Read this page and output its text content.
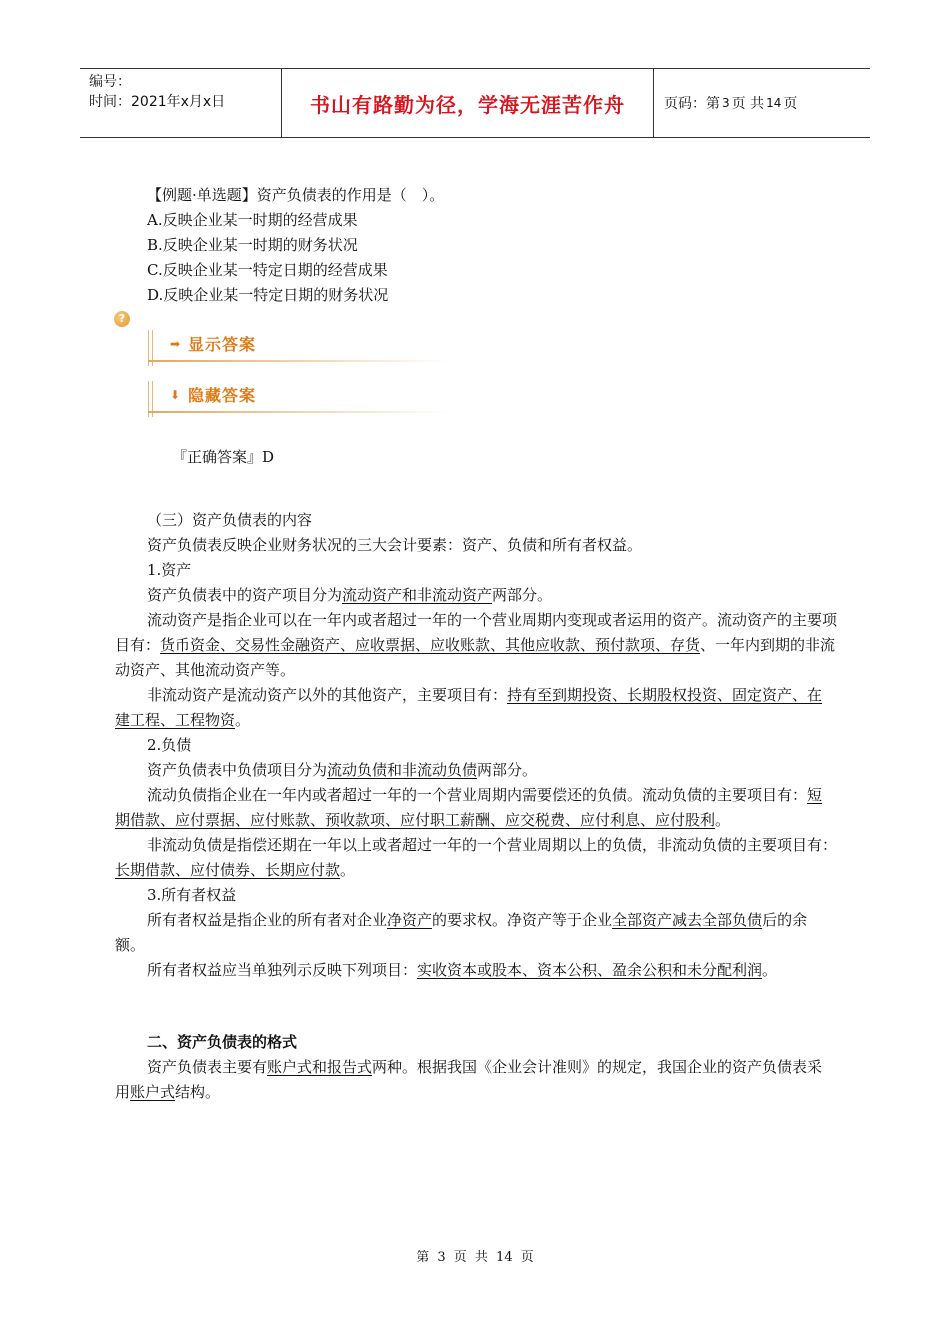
编号：
时间：2021年x月x日	书山有路勤为径，学海无涯苦作舟	页码：第 3 页 共 14 页

【例题·单选题】资产负债表的作用是（　）。

A.反映企业某一时期的经营成果

B.反映企业某一时期的财务状况

C.反映企业某一特定日期的经营成果

D.反映企业某一特定日期的财务状况

?
➡ 显示答案
⬇ 隐藏答案
『正确答案』D

（三）资产负债表的内容

资产负债表反映企业财务状况的三大会计要素：资产、负债和所有者权益。

1.资产

资产负债表中的资产项目分为流动资产和非流动资产两部分。

流动资产是指企业可以在一年内或者超过一年的一个营业周期内变现或者运用的资产。流动资产的主要项目有：货币资金、交易性金融资产、应收票据、应收账款、其他应收款、预付款项、存货、一年内到期的非流动资产、其他流动资产等。

非流动资产是流动资产以外的其他资产，主要项目有：持有至到期投资、长期股权投资、固定资产、在建工程、工程物资。

2.负债

资产负债表中负债项目分为流动负债和非流动负债两部分。

流动负债指企业在一年内或者超过一年的一个营业周期内需要偿还的负债。流动负债的主要项目有：短期借款、应付票据、应付账款、预收款项、应付职工薪酬、应交税费、应付利息、应付股利。

非流动负债是指偿还期在一年以上或者超过一年的一个营业周期以上的负债，非流动负债的主要项目有：长期借款、应付债券、长期应付款。

3.所有者权益

所有者权益是指企业的所有者对企业净资产的要求权。净资产等于企业全部资产减去全部负债后的余额。

所有者权益应当单独列示反映下列项目：实收资本或股本、资本公积、盈余公积和未分配利润。

二、资产负债表的格式

资产负债表主要有账户式和报告式两种。根据我国《企业会计准则》的规定，我国企业的资产负债表采用账户式结构。

第 3 页 共 14 页
